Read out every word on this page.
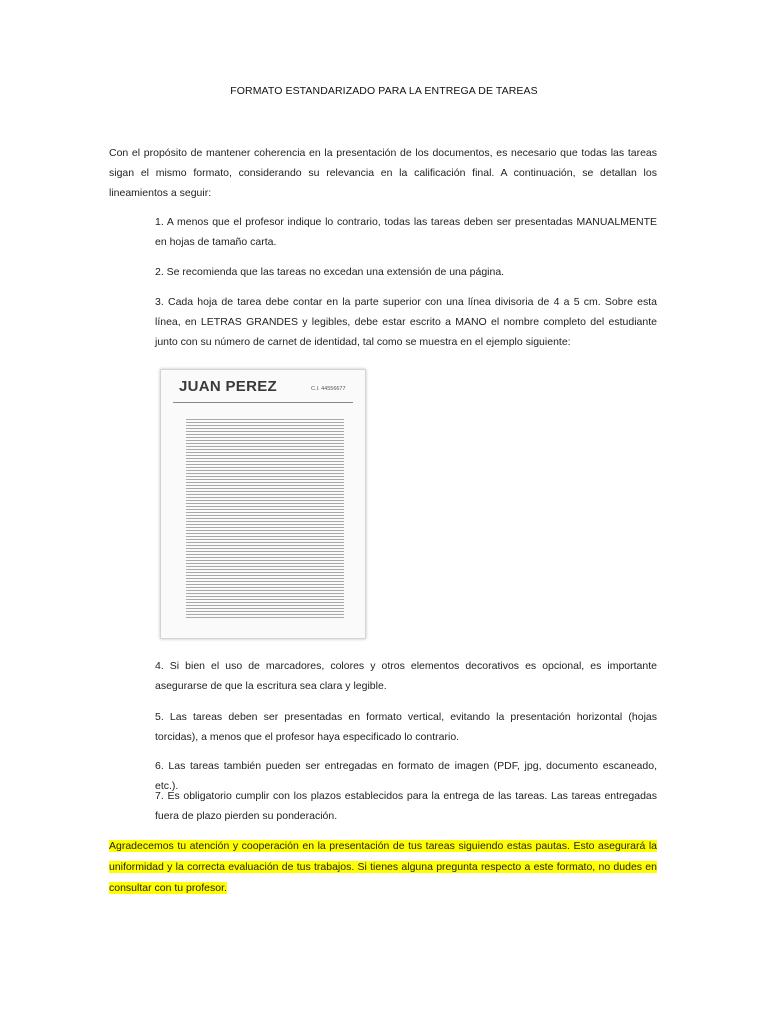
FORMATO ESTANDARIZADO PARA LA ENTREGA DE TAREAS
Con el propósito de mantener coherencia en la presentación de los documentos, es necesario que todas las tareas sigan el mismo formato, considerando su relevancia en la calificación final. A continuación, se detallan los lineamientos a seguir:
1. A menos que el profesor indique lo contrario, todas las tareas deben ser presentadas MANUALMENTE en hojas de tamaño carta.
2. Se recomienda que las tareas no excedan una extensión de una página.
3. Cada hoja de tarea debe contar en la parte superior con una línea divisoria de 4 a 5 cm. Sobre esta línea, en LETRAS GRANDES y legibles, debe estar escrito a MANO el nombre completo del estudiante junto con su número de carnet de identidad, tal como se muestra en el ejemplo siguiente:
JUAN PEREZ	C.I. 44556677
4. Si bien el uso de marcadores, colores y otros elementos decorativos es opcional, es importante asegurarse de que la escritura sea clara y legible.
5. Las tareas deben ser presentadas en formato vertical, evitando la presentación horizontal (hojas torcidas), a menos que el profesor haya especificado lo contrario.
6. Las tareas también pueden ser entregadas en formato de imagen (PDF, jpg, documento escaneado, etc.).
7. Es obligatorio cumplir con los plazos establecidos para la entrega de las tareas. Las tareas entregadas fuera de plazo pierden su ponderación.
Agradecemos tu atención y cooperación en la presentación de tus tareas siguiendo estas pautas. Esto asegurará la uniformidad y la correcta evaluación de tus trabajos. Si tienes alguna pregunta respecto a este formato, no dudes en consultar con tu profesor.
